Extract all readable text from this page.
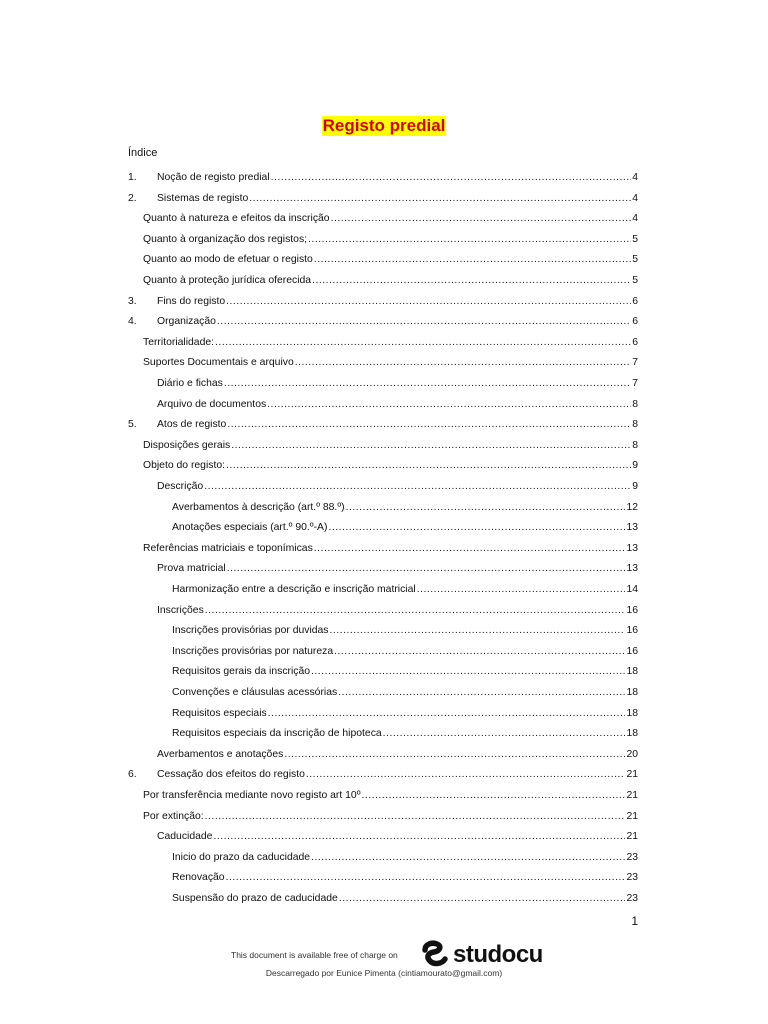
Registo predial
Índice
1.	Noção de registo predial .....	4
2.	Sistemas de registo .....	4
Quanto à natureza e efeitos da inscrição .....	4
Quanto à organização dos registos; .....	5
Quanto ao modo de efetuar o registo .....	5
Quanto à proteção jurídica oferecida .....	5
3.	Fins do registo .....	6
4.	Organização .....	6
Territorialidade: .....	6
Suportes Documentais e arquivo .....	7
Diário e fichas .....	7
Arquivo de documentos .....	8
5.	Atos de registo .....	8
Disposições gerais .....	8
Objeto do registo: .....	9
Descrição .....	9
Averbamentos à descrição (art.º 88.º) .....	12
Anotações especiais (art.º 90.º-A) .....	13
Referências matriciais e toponímicas .....	13
Prova matricial .....	13
Harmonização entre a descrição e inscrição matricial .....	14
Inscrições .....	16
Inscrições provisórias por duvidas .....	16
Inscrições provisórias por natureza .....	16
Requisitos gerais da inscrição .....	18
Convenções e cláusulas acessórias .....	18
Requisitos especiais .....	18
Requisitos especiais da inscrição de hipoteca .....	18
Averbamentos e anotações .....	20
6.	Cessação dos efeitos do registo .....	21
Por transferência mediante novo registo art 10º .....	21
Por extinção: .....	21
Caducidade .....	21
Inicio do prazo da caducidade .....	23
Renovação .....	23
Suspensão do prazo de caducidade .....	23
1
This document is available free of charge on studocu
Descarregado por Eunice Pimenta (cintiamourato@gmail.com)
